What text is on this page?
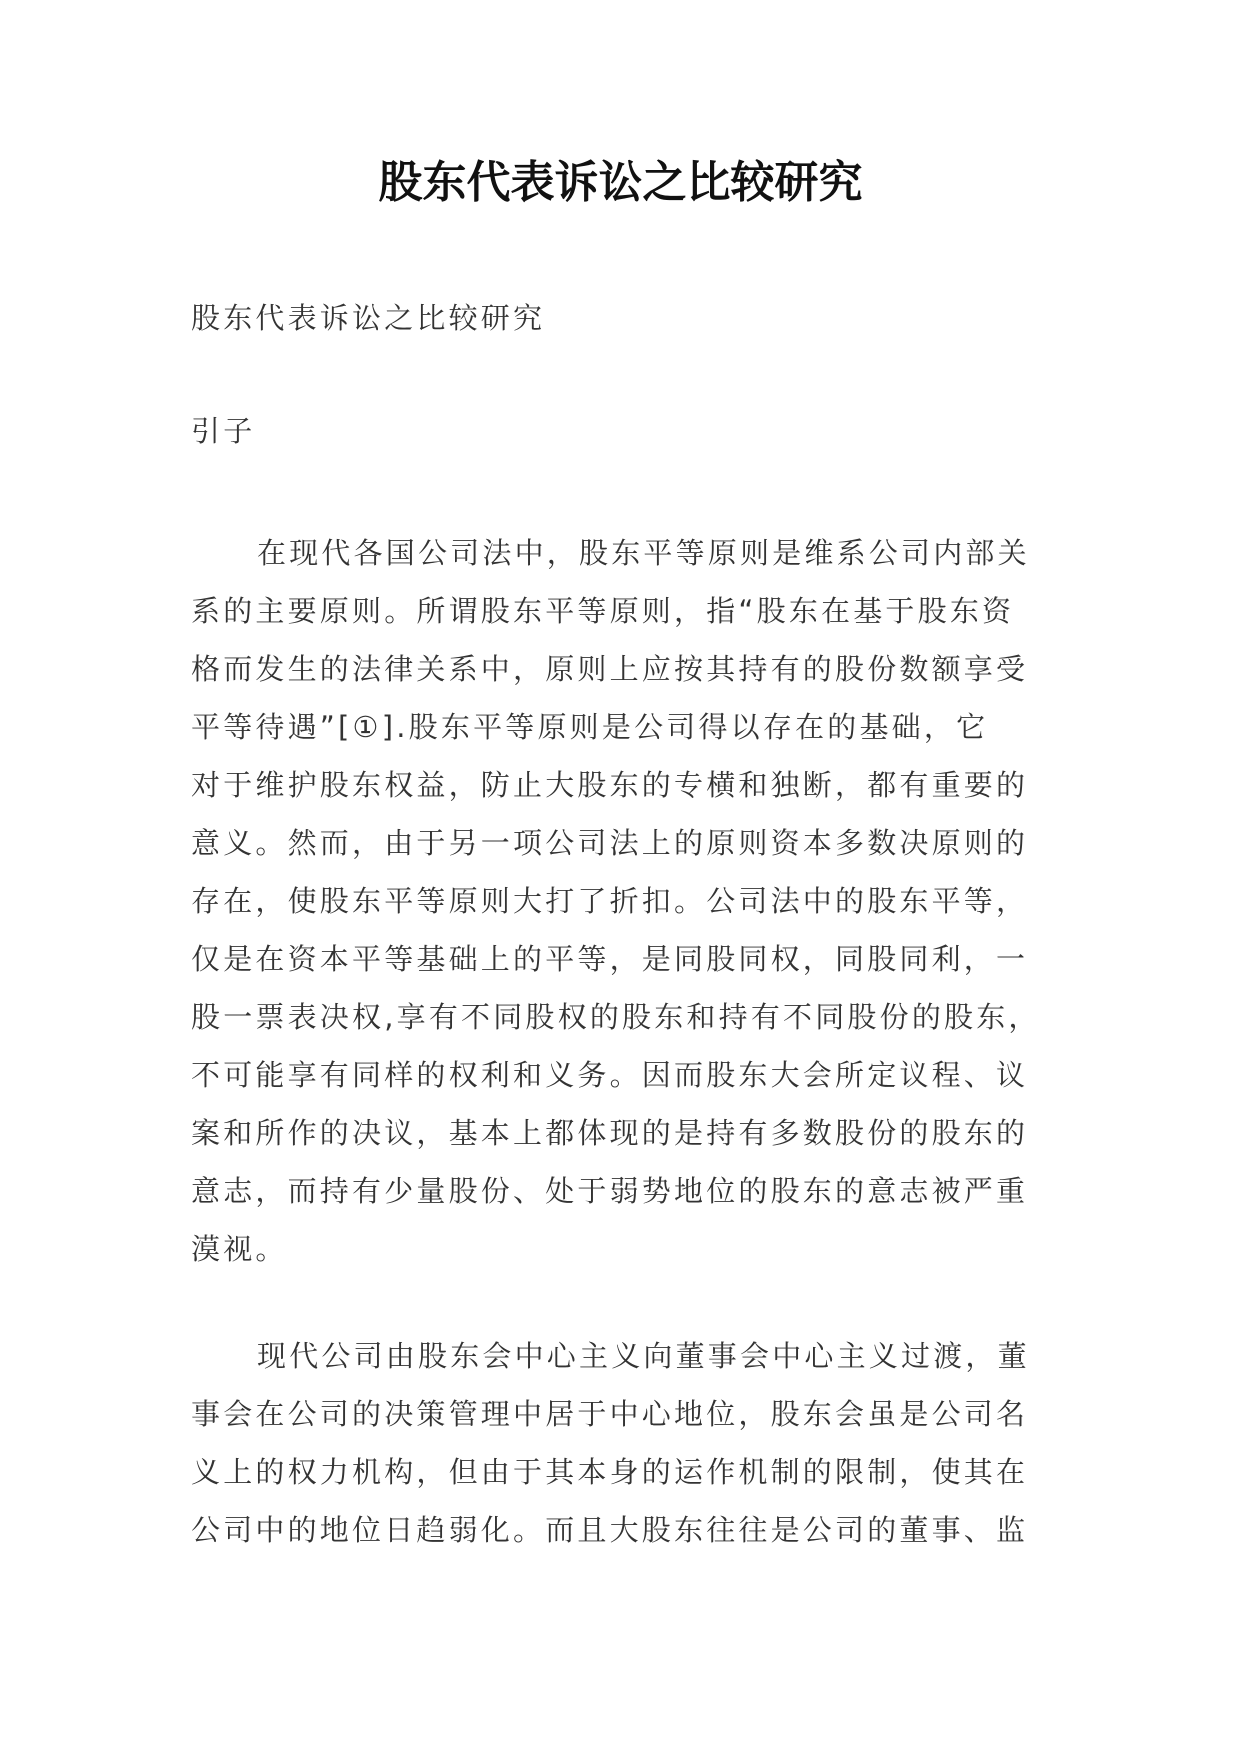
股东代表诉讼之比较研究

股东代表诉讼之比较研究

引子

在现代各国公司法中，股东平等原则是维系公司内部关
系的主要原则。所谓股东平等原则，指“股东在基于股东资
格而发生的法律关系中，原则上应按其持有的股份数额享受
平等待遇”[①].股东平等原则是公司得以存在的基础，它
对于维护股东权益，防止大股东的专横和独断，都有重要的
意义。然而，由于另一项公司法上的原则资本多数决原则的
存在，使股东平等原则大打了折扣。公司法中的股东平等，
仅是在资本平等基础上的平等，是同股同权，同股同利，一
股一票表决权,享有不同股权的股东和持有不同股份的股东，
不可能享有同样的权利和义务。因而股东大会所定议程、议
案和所作的决议，基本上都体现的是持有多数股份的股东的
意志，而持有少量股份、处于弱势地位的股东的意志被严重
漠视。
现代公司由股东会中心主义向董事会中心主义过渡，董
事会在公司的决策管理中居于中心地位，股东会虽是公司名
义上的权力机构，但由于其本身的运作机制的限制，使其在
公司中的地位日趋弱化。而且大股东往往是公司的董事、监
